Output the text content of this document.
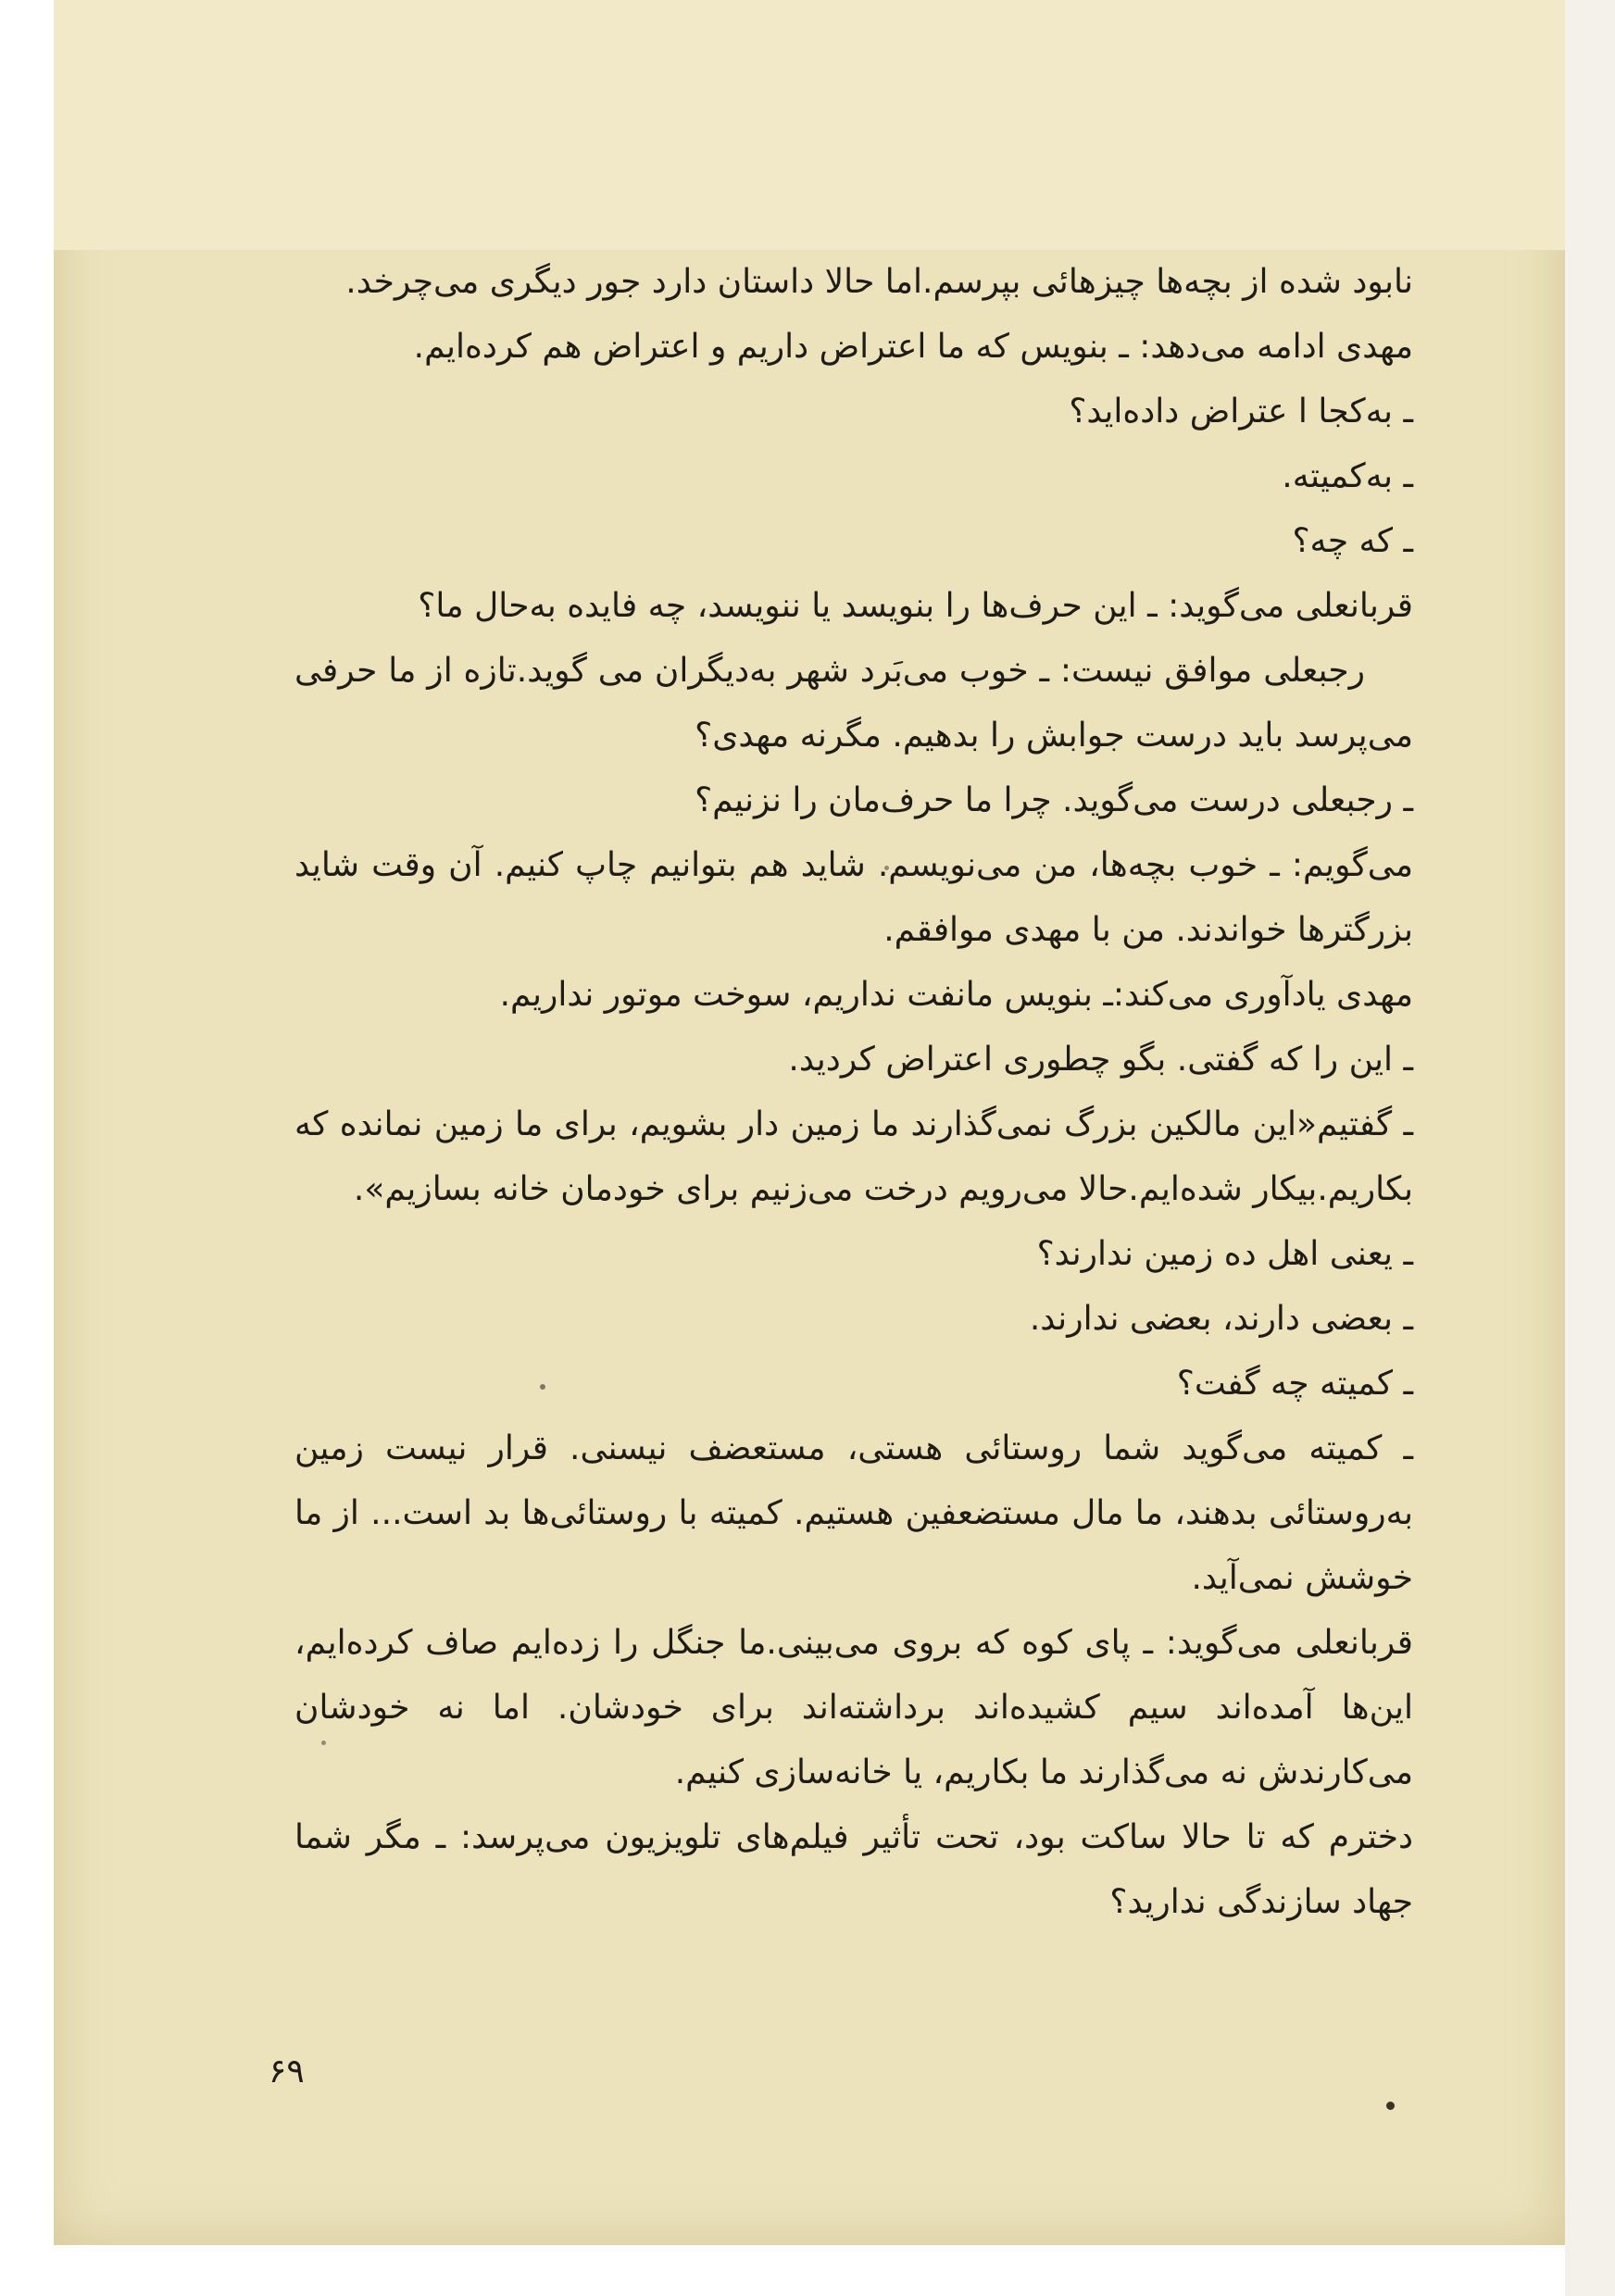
نابود شده از بچه‌ها چیزهائی بپرسم.اما حالا داستان دارد جور دیگری می‌چرخد.

مهدی ادامه می‌دهد: ـ بنویس که ما اعتراض داریم و اعتراض هم کرده‌ایم.

ـ به‌کجا ا عتراض داده‌اید؟

ـ به‌کمیته.

ـ که چه؟

قربانعلی می‌گوید: ـ این حرف‌ها را بنویسد یا ننویسد، چه فایده به‌حال ما؟

رجبعلی موافق نیست: ـ خوب می‌بَرد شهر به‌دیگران می گوید.تازه از ما حرفی می‌پرسد باید درست جوابش را بدهیم. مگرنه مهدی؟

ـ رجبعلی درست می‌گوید. چرا ما حرف‌مان را نزنیم؟

می‌گویم: ـ خوب بچه‌ها، من می‌نویسم. شاید هم بتوانیم چاپ کنیم. آن وقت شاید بزرگترها خواندند. من با مهدی موافقم.

مهدی یادآوری می‌کند:ـ بنویس مانفت نداریم، سوخت موتور نداریم.

ـ این را که گفتی. بگو چطوری اعتراض کردید.

ـ گفتیم«این مالکین بزرگ نمی‌گذارند ما زمین دار بشویم، برای ما زمین نمانده که بکاریم.بیکار شده‌ایم.حالا می‌رویم درخت می‌زنیم برای خودمان خانه بسازیم».

ـ یعنی اهل ده زمین ندارند؟

ـ بعضی دارند، بعضی ندارند.

ـ کمیته چه گفت؟

ـ کمیته می‌گوید شما روستائی هستی، مستعضف نیسنی. قرار نیست زمین به‌روستائی بدهند، ما مال مستضعفین هستیم. کمیته با روستائی‌ها بد است... از ما خوشش نمی‌آید.

قربانعلی می‌گوید: ـ پای کوه که بروی می‌بینی.ما جنگل را زده‌ایم صاف کرده‌ایم، این‌ها آمده‌اند سیم کشیده‌اند برداشته‌اند برای خودشان. اما نه خودشان می‌کارندش نه می‌گذارند ما بکاریم، یا خانه‌سازی کنیم.

دخترم که تا حالا ساکت بود، تحت تأثیر فیلم‌های تلویزیون می‌پرسد: ـ مگر شما جهاد سازندگی ندارید؟

۶۹
